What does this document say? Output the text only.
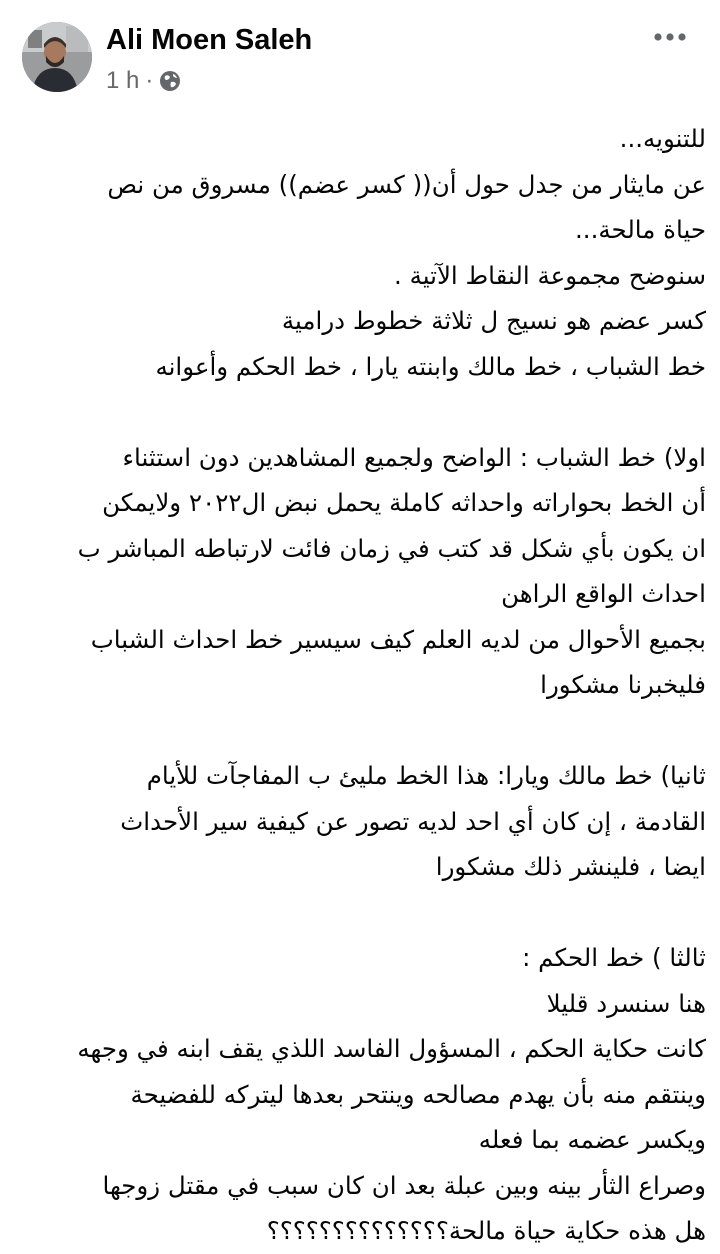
Ali Moen Saleh
1 h ·
للتنويه...
عن مايثار من جدل حول أن(( كسر عضم)) مسروق من نص
حياة مالحة...
سنوضح مجموعة النقاط الآتية .
كسر عضم هو نسيج ل ثلاثة خطوط درامية
خط الشباب ، خط مالك وابنته يارا ، خط الحكم وأعوانه
اولا) خط الشباب : الواضح ولجميع المشاهدين دون استثناء
أن الخط بحواراته واحداثه كاملة يحمل نبض ال٢٠٢٢ ولايمكن
ان يكون بأي شكل قد كتب في زمان فائت لارتباطه المباشر ب
احداث الواقع الراهن
بجميع الأحوال من لديه العلم كيف سيسير خط احداث الشباب
فليخبرنا مشكورا
ثانيا) خط مالك ويارا: هذا الخط مليئ ب المفاجآت للأيام
القادمة ، إن كان أي احد لديه تصور عن كيفية سير الأحداث
ايضا ، فلينشر ذلك مشكورا
ثالثا ) خط الحكم :
هنا سنسرد قليلا
كانت حكاية الحكم ، المسؤول الفاسد اللذي يقف ابنه في وجهه
وينتقم منه بأن يهدم مصالحه وينتحر بعدها ليتركه للفضيحة
ويكسر عضمه بما فعله
وصراع الثأر بينه وبين عبلة بعد ان كان سبب في مقتل زوجها
هل هذه حكاية حياة مالحة؟؟؟؟؟؟؟؟؟؟؟؟؟؟
